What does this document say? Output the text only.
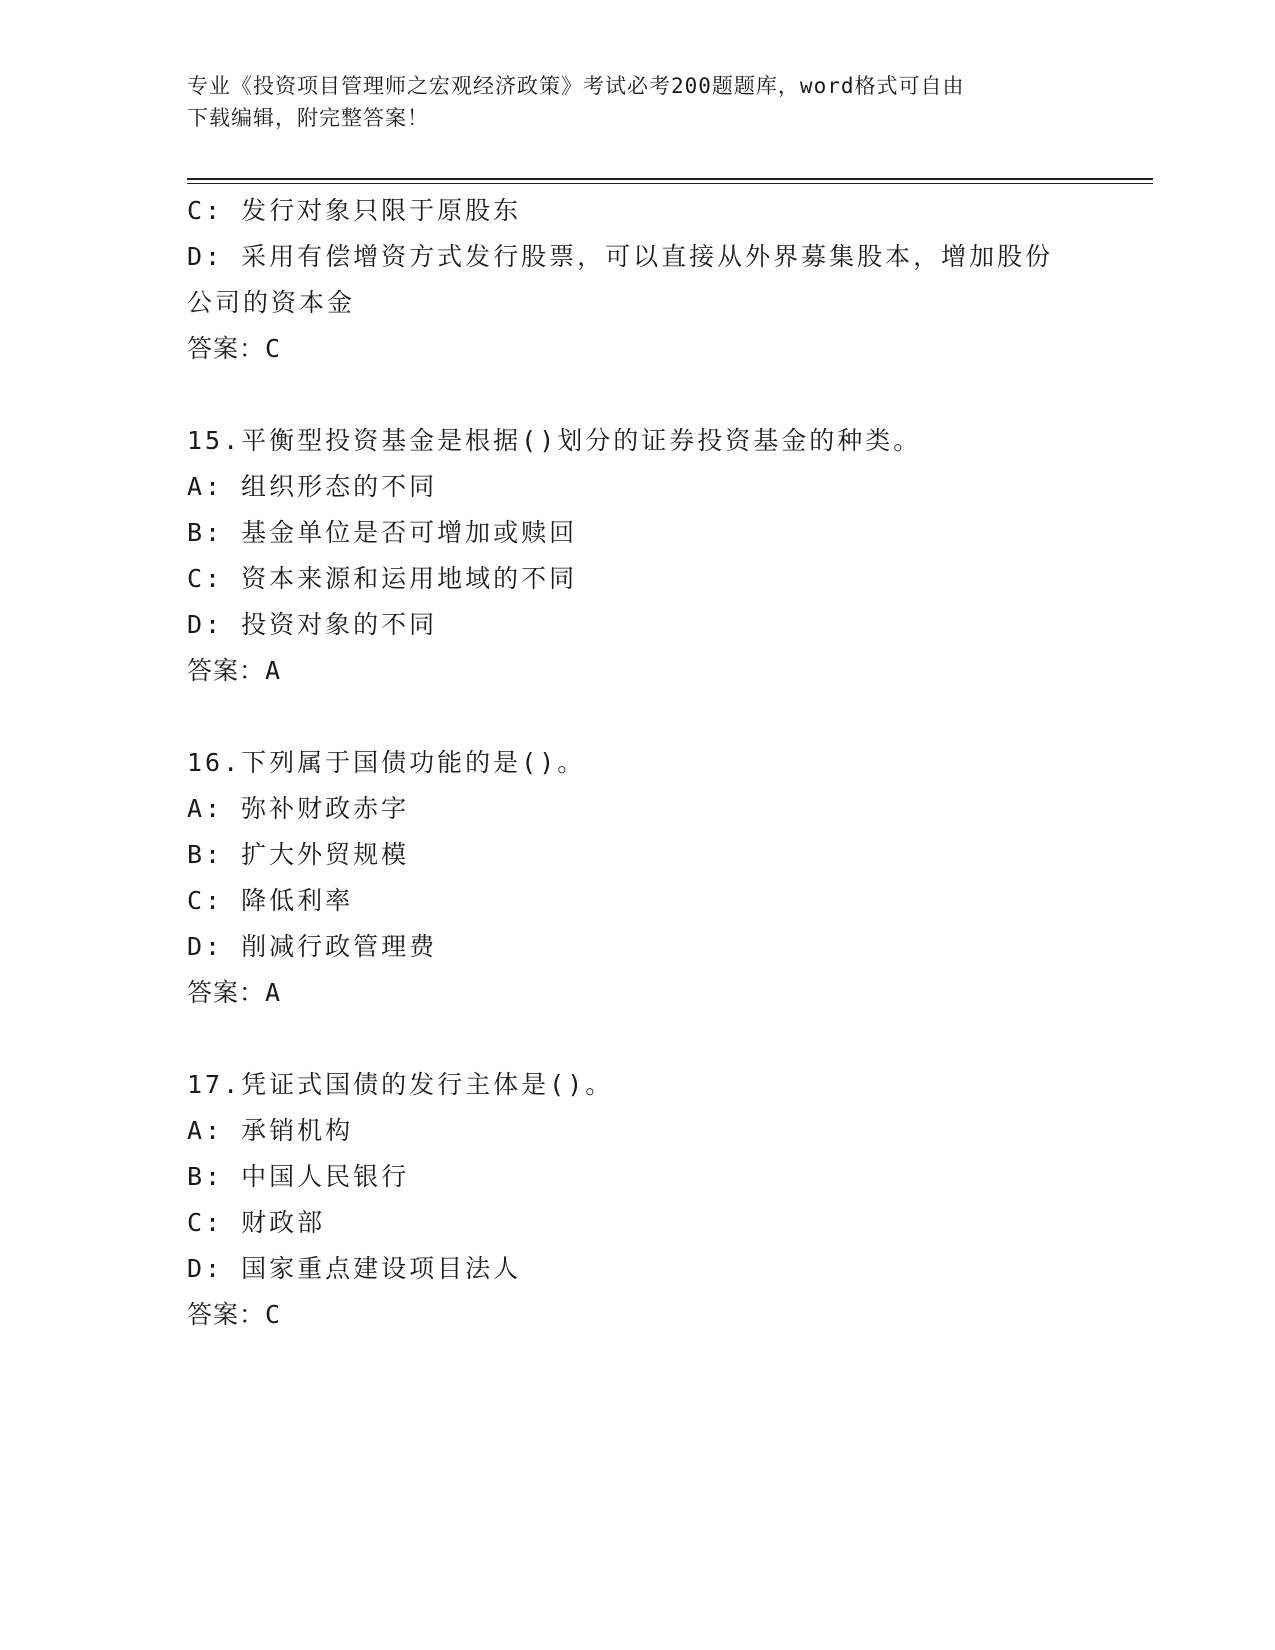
专业《投资项目管理师之宏观经济政策》考试必考200题题库，word格式可自由
下载编辑，附完整答案！
C: 发行对象只限于原股东
D: 采用有偿增资方式发行股票，可以直接从外界募集股本，增加股份
公司的资本金
答案：C
15.平衡型投资基金是根据()划分的证券投资基金的种类。
A: 组织形态的不同
B: 基金单位是否可增加或赎回
C: 资本来源和运用地域的不同
D: 投资对象的不同
答案：A
16.下列属于国债功能的是()。
A: 弥补财政赤字
B: 扩大外贸规模
C: 降低利率
D: 削减行政管理费
答案：A
17.凭证式国债的发行主体是()。
A: 承销机构
B: 中国人民银行
C: 财政部
D: 国家重点建设项目法人
答案：C
